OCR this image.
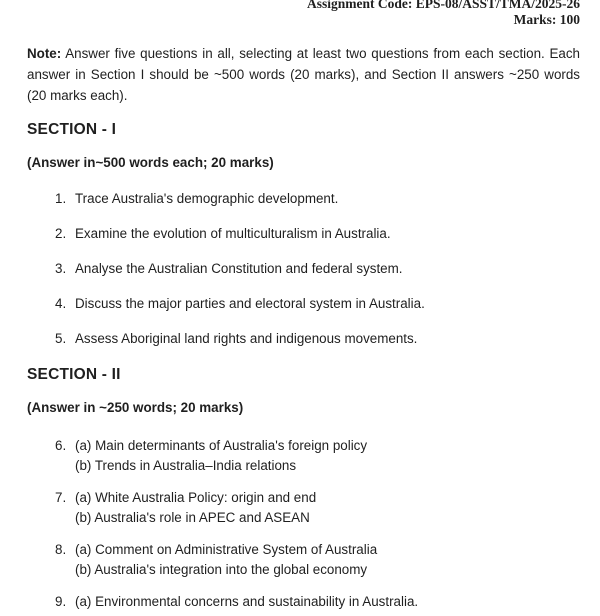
Assignment Code: EPS-08/ASST/TMA/2025-26
Marks: 100

Note: Answer five questions in all, selecting at least two questions from each section. Each answer in Section I should be ~500 words (20 marks), and Section II answers ~250 words (20 marks each).

SECTION - I

(Answer in~500 words each; 20 marks)

1. Trace Australia's demographic development.
2. Examine the evolution of multiculturalism in Australia.
3. Analyse the Australian Constitution and federal system.
4. Discuss the major parties and electoral system in Australia.
5. Assess Aboriginal land rights and indigenous movements.
SECTION - II

(Answer in ~250 words; 20 marks)

6. (a) Main determinants of Australia's foreign policy
(b) Trends in Australia–India relations
7. (a) White Australia Policy: origin and end
(b) Australia's role in APEC and ASEAN
8. (a) Comment on Administrative System of Australia
(b) Australia's integration into the global economy
9. (a) Environmental concerns and sustainability in Australia.
